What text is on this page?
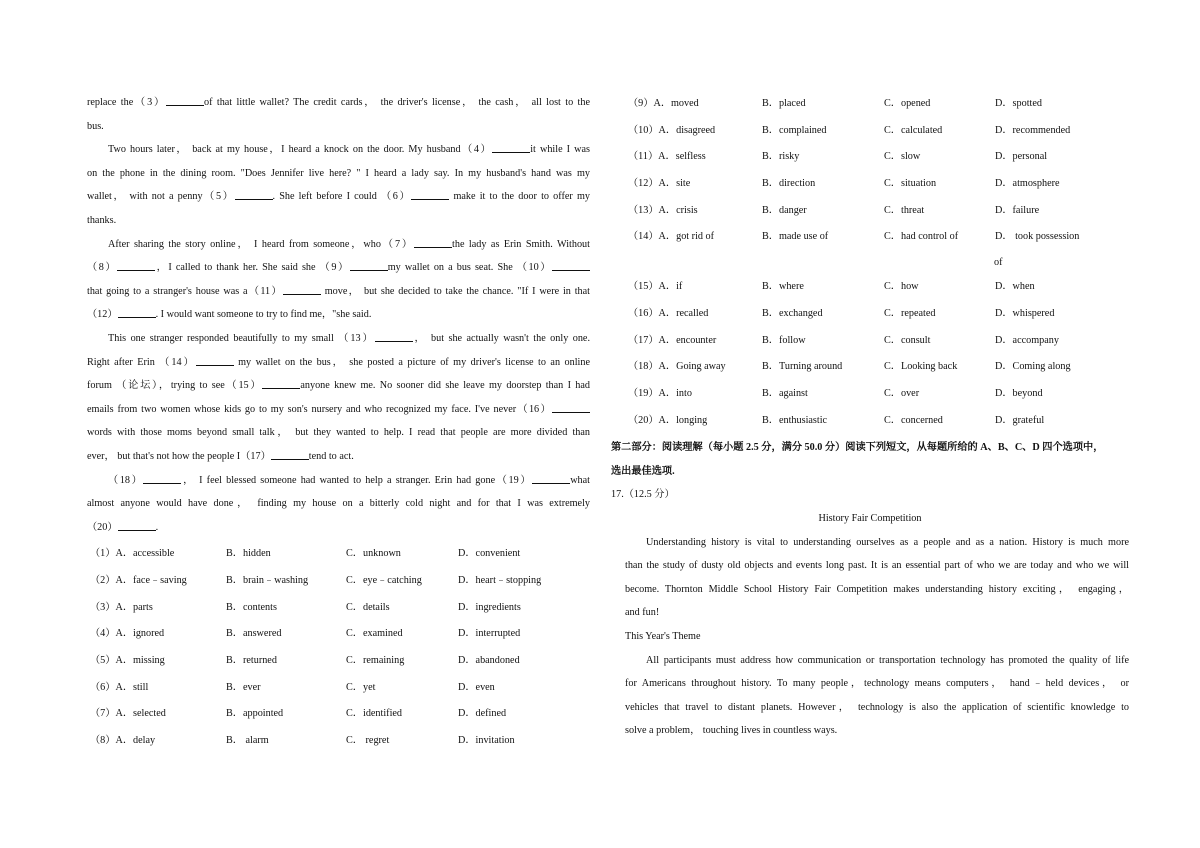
replace the（3）	of that little wallet? The credit cards， the driver's license， the cash， all lost to the
bus.
Two hours later， back at my house，I heard a knock on the door. My husband（4）	it while I was
on the phone in the dining room. "Does Jennifer live here? " I heard a lady say. In my husband's hand was my
wallet， with not a penny（5）	. She left before I could （6）	make it to the door to offer my
thanks.
After sharing the story online， I heard from someone，who（7）	the lady as Erin Smith. Without
（8）	，I called to thank her. She said she （9）	my wallet on a bus seat. She （10）
that going to a stranger's house was a（11）	move， but she decided to take the chance. "If I were in that
（12）	. I would want someone to try to find me，"she said.
This one stranger responded beautifully to my small （13）	， but she actually wasn't the only one.
Right after Erin （14）	my wallet on the bus， she posted a picture of my driver's license to an online
forum （论坛），trying to see（15）	anyone knew me. No sooner did she leave my doorstep than I had
emails from two women whose kids go to my son's nursery and who recognized my face. I've never（16）
words with those moms beyond small talk， but they wanted to help. I read that people are more divided than
ever， but that's not how the people I（17）	tend to act.
（18）	， I feel blessed someone had wanted to help a stranger. Erin had gone（19）	what
almost anyone would have done， finding my house on a bitterly cold night and for that I was extremely
（20）	.
（1）A．accessible	B．hidden	C．unknown	D．convenient
（2）A．face﹣saving	B．brain﹣washing	C．eye﹣catching	D．heart﹣stopping
（3）A．parts	B．contents	C．details	D．ingredients
（4）A．ignored	B．answered	C．examined	D．interrupted
（5）A．missing	B．returned	C．remaining	D．abandoned
（6）A．still	B．ever	C．yet	D．even
（7）A．selected	B．appointed	C．identified	D．defined
（8）A．delay	B． alarm	C． regret	D．invitation
（9）A．moved	B．placed	C．opened	D．spotted
（10）A．disagreed	B．complained	C．calculated	D．recommended
（11）A．selfless	B．risky	C．slow	D．personal
（12）A．site	B．direction	C．situation	D．atmosphere
（13）A．crisis	B．danger	C．threat	D．failure
（14）A．got rid of	B．made use of	C．had control of	D． took possession
of
（15）A．if	B．where	C．how	D．when
（16）A．recalled	B．exchanged	C．repeated	D．whispered
（17）A．encounter	B．follow	C．consult	D．accompany
（18）A．Going away	B．Turning around	C．Looking back	D．Coming along
（19）A．into	B．against	C．over	D．beyond
（20）A．longing	B．enthusiastic	C．concerned	D．grateful
第二部分：阅读理解（每小题 2.5 分，满分 50.0 分）阅读下列短文，从每题所给的 A、B、C、D 四个选项中，
选出最佳选项.
17.（12.5 分）
History Fair Competition
Understanding history is vital to understanding ourselves as a people and as a nation. History is much more
than the study of dusty old objects and events long past. It is an essential part of who we are today and who we will
become. Thornton Middle School History Fair Competition makes understanding history exciting， engaging，
and fun!
This Year's Theme
All participants must address how communication or transportation technology has promoted the quality of life
for Americans throughout history. To many people，technology means computers， hand﹣held devices， or
vehicles that travel to distant planets. However， technology is also the application of scientific knowledge to
solve a problem， touching lives in countless ways.
